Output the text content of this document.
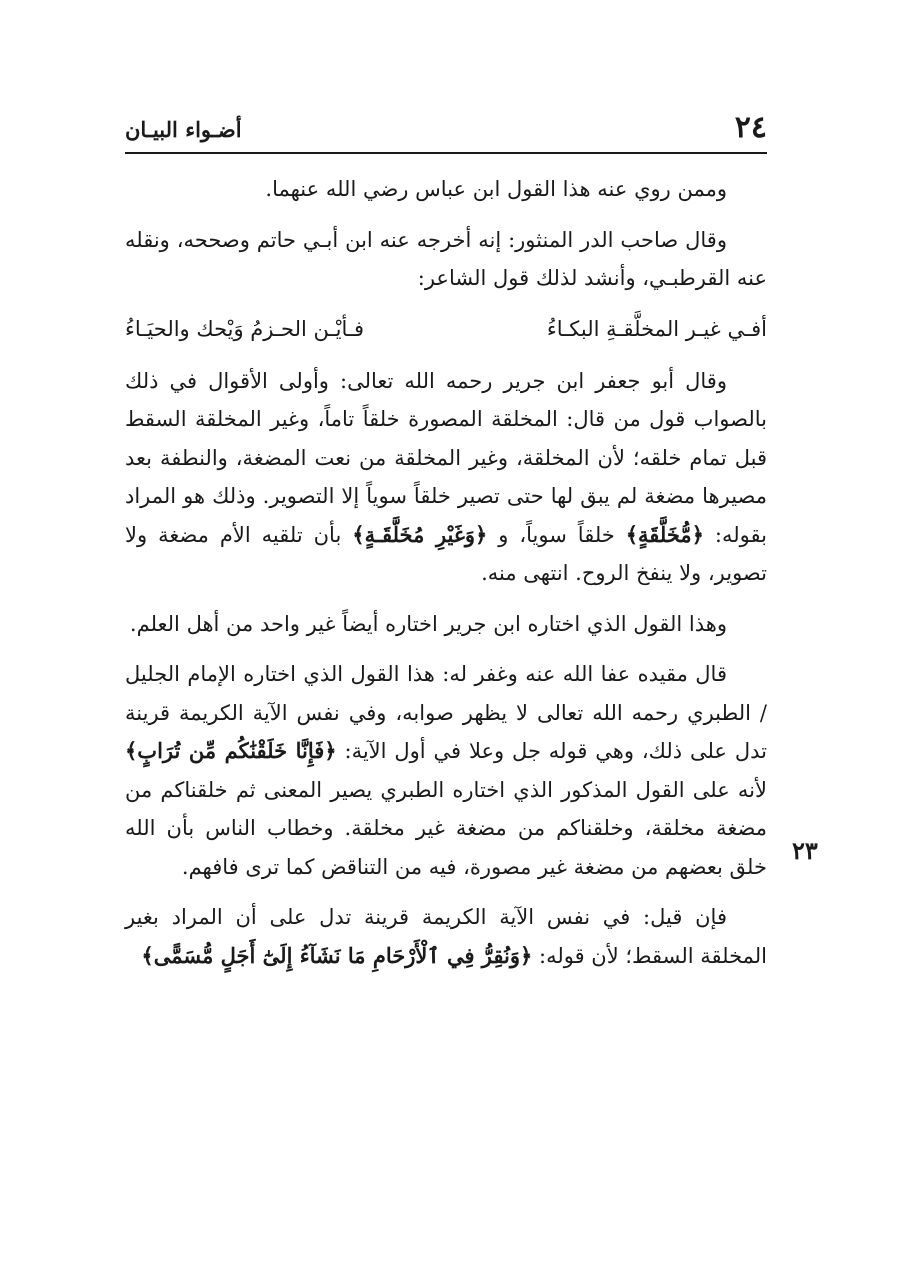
٢٤
أضـواء البيـان
٢٣

وممن روي عنه هذا القول ابن عباس رضي الله عنهما.

وقال صاحب الدر المنثور: إنه أخرجه عنه ابن أبـي حاتم وصححه، ونقله عنه القرطبـي، وأنشد لذلك قول الشاعر:

أفـي غيـر المخلَّقـةِ البكـاءُ
فـأيْـن الحـزمُ وَيْحك والحيَـاءُ

وقال أبو جعفر ابن جرير رحمه الله تعالى: وأولى الأقوال في ذلك بالصواب قول من قال: المخلقة المصورة خلقاً تاماً، وغير المخلقة السقط قبل تمام خلقه؛ لأن المخلقة، وغير المخلقة من نعت المضغة، والنطفة بعد مصيرها مضغة لم يبق لها حتى تصير خلقاً سوياً إلا التصوير. وذلك هو المراد بقوله: ﴿مُّخَلَّقَةٍ﴾ خلقاً سوياً، و ﴿وَغَيْرِ مُخَلَّقَـةٍ﴾ بأن تلقيه الأم مضغة ولا تصوير، ولا ينفخ الروح. انتهى منه.

وهذا القول الذي اختاره ابن جرير اختاره أيضاً غير واحد من أهل العلم.

قال مقيده عفا الله عنه وغفر له: هذا القول الذي اختاره الإمام الجليل / الطبري رحمه الله تعالى لا يظهر صوابه، وفي نفس الآية الكريمة قرينة تدل على ذلك، وهي قوله جل وعلا في أول الآية: ﴿فَإِنَّا خَلَقْنَٰكُم مِّن تُرَابٍ﴾ لأنه على القول المذكور الذي اختاره الطبري يصير المعنى ثم خلقناكم من مضغة مخلقة، وخلقناكم من مضغة غير مخلقة. وخطاب الناس بأن الله خلق بعضهم من مضغة غير مصورة، فيه من التناقض كما ترى فافهم.

فإن قيل: في نفس الآية الكريمة قرينة تدل على أن المراد بغير المخلقة السقط؛ لأن قوله: ﴿وَنُقِرُّ فِي ٱلْأَرْحَامِ مَا نَشَآءُ إِلَىٰٓ أَجَلٍ مُّسَمًّى﴾
